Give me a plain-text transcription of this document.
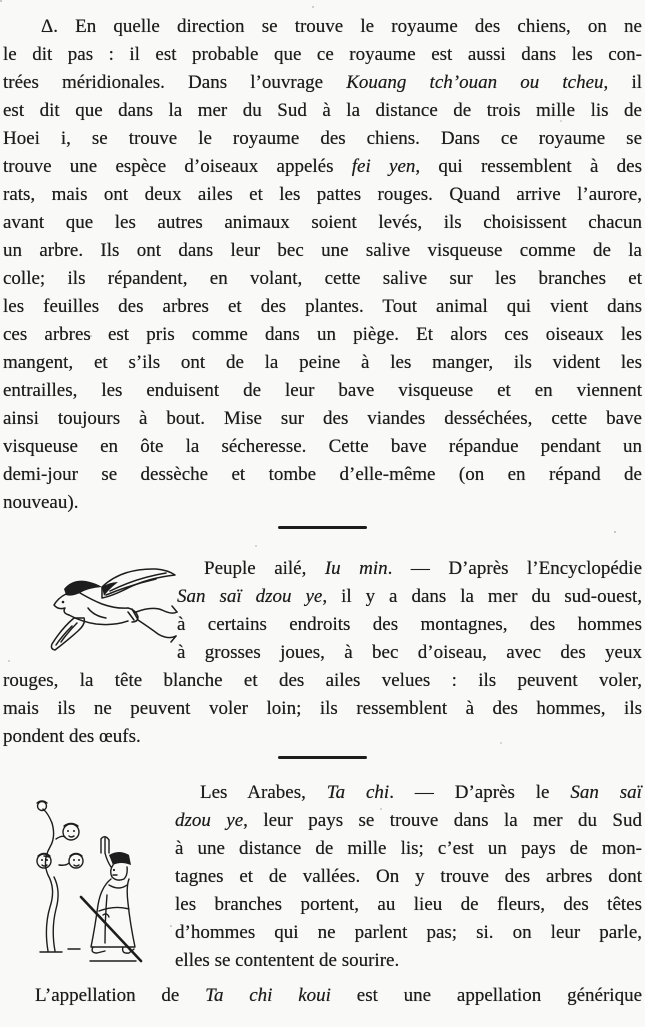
Δ. En quelle direction se trouve le royaume des chiens, on ne
le dit pas : il est probable que ce royaume est aussi dans les con-
trées méridionales. Dans l’ouvrage Kouang tch’ouan ou tcheu, il
est dit que dans la mer du Sud à la distance de trois mille lis de
Hoei i, se trouve le royaume des chiens. Dans ce royaume se
trouve une espèce d’oiseaux appelés fei yen, qui ressemblent à des
rats, mais ont deux ailes et les pattes rouges. Quand arrive l’aurore,
avant que les autres animaux soient levés, ils choisissent chacun
un arbre. Ils ont dans leur bec une salive visqueuse comme de la
colle; ils répandent, en volant, cette salive sur les branches et
les feuilles des arbres et des plantes. Tout animal qui vient dans
ces arbres est pris comme dans un piège. Et alors ces oiseaux les
mangent, et s’ils ont de la peine à les manger, ils vident les
entrailles, les enduisent de leur bave visqueuse et en viennent
ainsi toujours à bout. Mise sur des viandes desséchées, cette bave
visqueuse en ôte la sécheresse. Cette bave répandue pendant un
demi-jour se dessèche et tombe d’elle-même (on en répand de
nouveau).
Peuple ailé, Iu min. — D’après l’Encyclopédie
San saï dzou ye, il y a dans la mer du sud-ouest,
à certains endroits des montagnes, des hommes
à grosses joues, à bec d’oiseau, avec des yeux
rouges, la tête blanche et des ailes velues : ils peuvent voler,
mais ils ne peuvent voler loin; ils ressemblent à des hommes, ils
pondent des œufs.
Les Arabes, Ta chi. — D’après le San saï
dzou ye, leur pays se trouve dans la mer du Sud
à une distance de mille lis; c’est un pays de mon-
tagnes et de vallées. On y trouve des arbres dont
les branches portent, au lieu de fleurs, des têtes
d’hommes qui ne parlent pas; si. on leur parle,
elles se contentent de sourire.
L’appellation de Ta chi koui est une appellation générique
